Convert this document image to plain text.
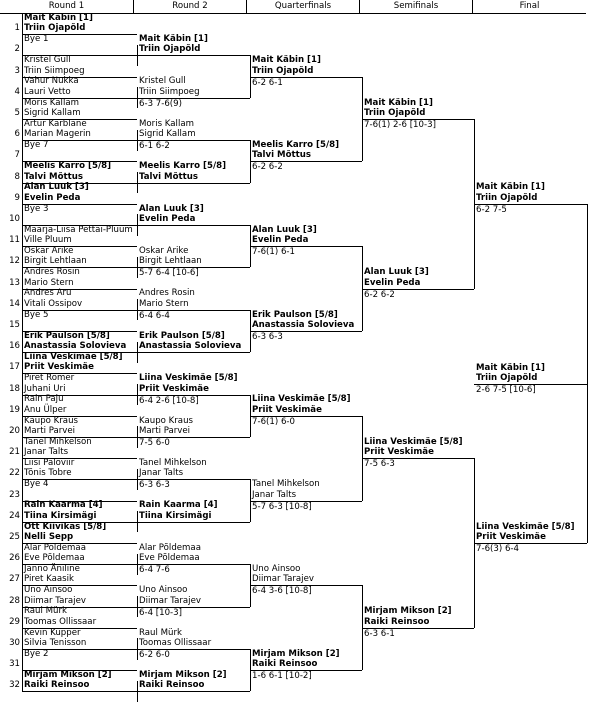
Round 1	Round 2	Quarterfinals	Semifinals	Final
Mait Käbin [1]
Triin Ojapõld
1
Bye 1
2
Kristel Gull
Triin Siimpoeg
3
Vahur Nukka
Lauri Vetto
4
Moris Kallam
Sigrid Kallam
5
Artur Kärblane
Marian Magerin
6
Bye 7
7
Meelis Karro [5/8]
Talvi Mõttus
8
Alan Luuk [3]
Evelin Peda
9
Bye 3
10
Maarja-Liisa Pettai-Pluum
Ville Pluum
11
Oskar Arike
Birgit Lehtlaan
12
Andres Rosin
Mario Stern
13
Andres Aru
Vitali Ossipov
14
Bye 5
15
Erik Paulson [5/8]
Anastassia Solovieva
16
Liina Veskimäe [5/8]
Priit Veskimäe
17
Piret Römer
Juhani Uri
18
Rain Paju
Anu Ülper
19
Kaupo Kraus
Marti Parvei
20
Tanel Mihkelson
Janar Talts
21
Liisi Paloviir
Tõnis Tobre
22
Bye 4
23
Rain Kaarma [4]
Tiina Kirsimägi
24
Ott Kiivikas [5/8]
Nelli Sepp
25
Alar Põldemaa
Eve Põldemaa
26
Janno Äniline
Piret Kaasik
27
Uno Ainsoo
Diimar Tarajev
28
Raul Mürk
Toomas Ollissaar
29
Kevin Kupper
Silvia Tenisson
30
Bye 2
31
Mirjam Mikson [2]
Raiki Reinsoo
32
Mait Käbin [1]
Triin Ojapõld
Kristel Gull
Triin Siimpoeg
6-3 7-6(9)
Moris Kallam
Sigrid Kallam
6-1 6-2
Meelis Karro [5/8]
Talvi Mõttus
Alan Luuk [3]
Evelin Peda
Oskar Arike
Birgit Lehtlaan
5-7 6-4 [10-6]
Andres Rosin
Mario Stern
6-4 6-4
Erik Paulson [5/8]
Anastassia Solovieva
Liina Veskimäe [5/8]
Priit Veskimäe
6-4 2-6 [10-8]
Kaupo Kraus
Marti Parvei
7-5 6-0
Tanel Mihkelson
Janar Talts
6-3 6-3
Rain Kaarma [4]
Tiina Kirsimägi
Alar Põldemaa
Eve Põldemaa
6-4 7-6
Uno Ainsoo
Diimar Tarajev
6-4 [10-3]
Raul Mürk
Toomas Ollissaar
6-2 6-0
Mirjam Mikson [2]
Raiki Reinsoo
Mait Käbin [1]
Triin Ojapõld
6-2 6-1
Meelis Karro [5/8]
Talvi Mõttus
6-2 6-2
Alan Luuk [3]
Evelin Peda
7-6(1) 6-1
Erik Paulson [5/8]
Anastassia Solovieva
6-3 6-3
Liina Veskimäe [5/8]
Priit Veskimäe
7-6(1) 6-0
Tanel Mihkelson
Janar Talts
5-7 6-3 [10-8]
Uno Ainsoo
Diimar Tarajev
6-4 3-6 [10-8]
Mirjam Mikson [2]
Raiki Reinsoo
1-6 6-1 [10-2]
Mait Käbin [1]
Triin Ojapõld
7-6(1) 2-6 [10-3]
Alan Luuk [3]
Evelin Peda
6-2 6-2
Liina Veskimäe [5/8]
Priit Veskimäe
7-5 6-3
Mirjam Mikson [2]
Raiki Reinsoo
6-3 6-1
Mait Käbin [1]
Triin Ojapõld
6-2 7-5
Liina Veskimäe [5/8]
Priit Veskimäe
7-6(3) 6-4
Mait Käbin [1]
Triin Ojapõld
2-6 7-5 [10-6]
